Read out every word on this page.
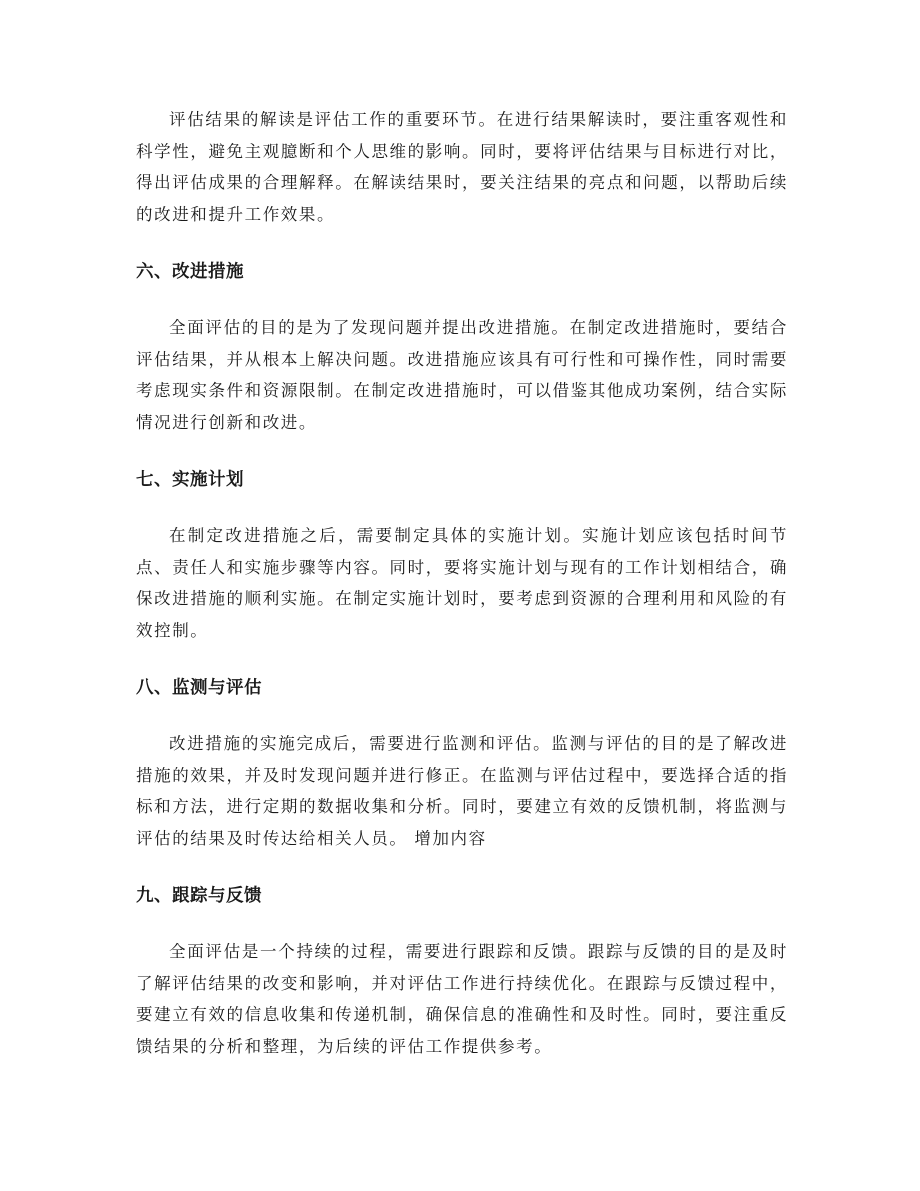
评估结果的解读是评估工作的重要环节。在进行结果解读时，要注重客观性和科学性，避免主观臆断和个人思维的影响。同时，要将评估结果与目标进行对比，得出评估成果的合理解释。在解读结果时，要关注结果的亮点和问题，以帮助后续的改进和提升工作效果。

六、改进措施

全面评估的目的是为了发现问题并提出改进措施。在制定改进措施时，要结合评估结果，并从根本上解决问题。改进措施应该具有可行性和可操作性，同时需要考虑现实条件和资源限制。在制定改进措施时，可以借鉴其他成功案例，结合实际情况进行创新和改进。

七、实施计划

在制定改进措施之后，需要制定具体的实施计划。实施计划应该包括时间节点、责任人和实施步骤等内容。同时，要将实施计划与现有的工作计划相结合，确保改进措施的顺利实施。在制定实施计划时，要考虑到资源的合理利用和风险的有效控制。

八、监测与评估

改进措施的实施完成后，需要进行监测和评估。监测与评估的目的是了解改进措施的效果，并及时发现问题并进行修正。在监测与评估过程中，要选择合适的指标和方法，进行定期的数据收集和分析。同时，要建立有效的反馈机制，将监测与评估的结果及时传达给相关人员。 增加内容

九、跟踪与反馈

全面评估是一个持续的过程，需要进行跟踪和反馈。跟踪与反馈的目的是及时了解评估结果的改变和影响，并对评估工作进行持续优化。在跟踪与反馈过程中，要建立有效的信息收集和传递机制，确保信息的准确性和及时性。同时，要注重反馈结果的分析和整理，为后续的评估工作提供参考。
